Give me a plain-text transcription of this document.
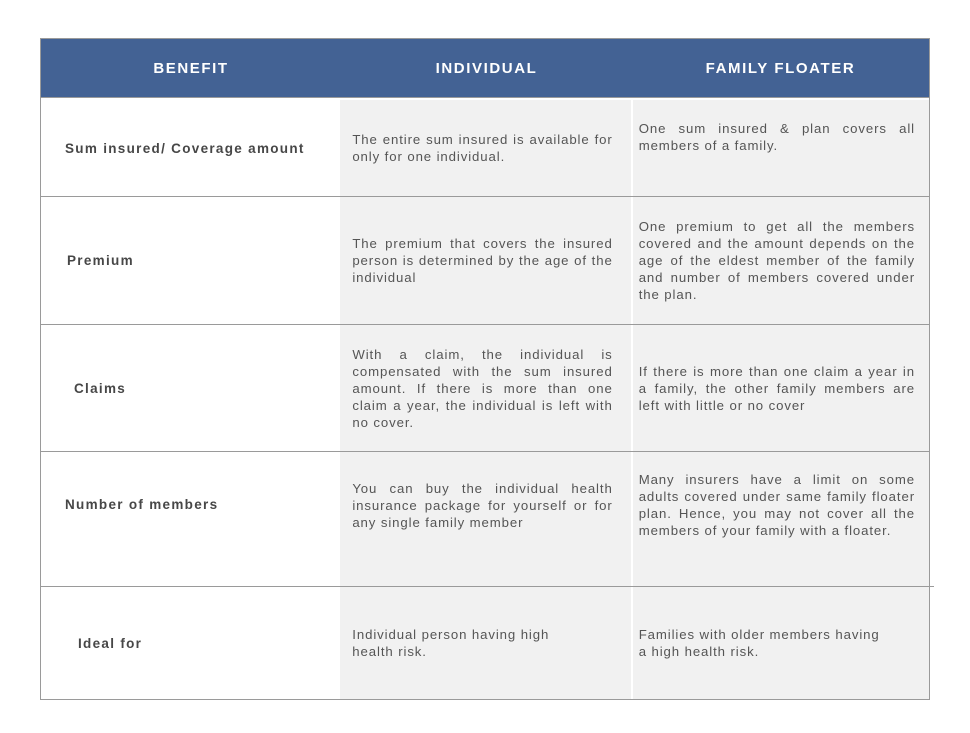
BENEFIT	INDIVIDUAL	FAMILY FLOATER
Sum insured/ Coverage amount
The entire sum insured is available for only for one individual.
One sum insured & plan covers all members of a family.
Premium
The premium that covers the insured person is determined by the age of the individual
One premium to get all the members covered and the amount depends on the age of the eldest member of the family and number of members covered under the plan.
Claims
With a claim, the individual is compensated with the sum insured amount. If there is more than one claim a year, the individual is left with no cover.
If there is more than one claim a year in a family, the other family members are left with little or no cover
Number of members
You can buy the individual health insurance package for yourself or for any single family member
Many insurers have a limit on some adults covered under same family floater plan. Hence, you may not cover all the members of your family with a floater.
Ideal for
Individual person having high health risk.
Families with older members having a high health risk.
